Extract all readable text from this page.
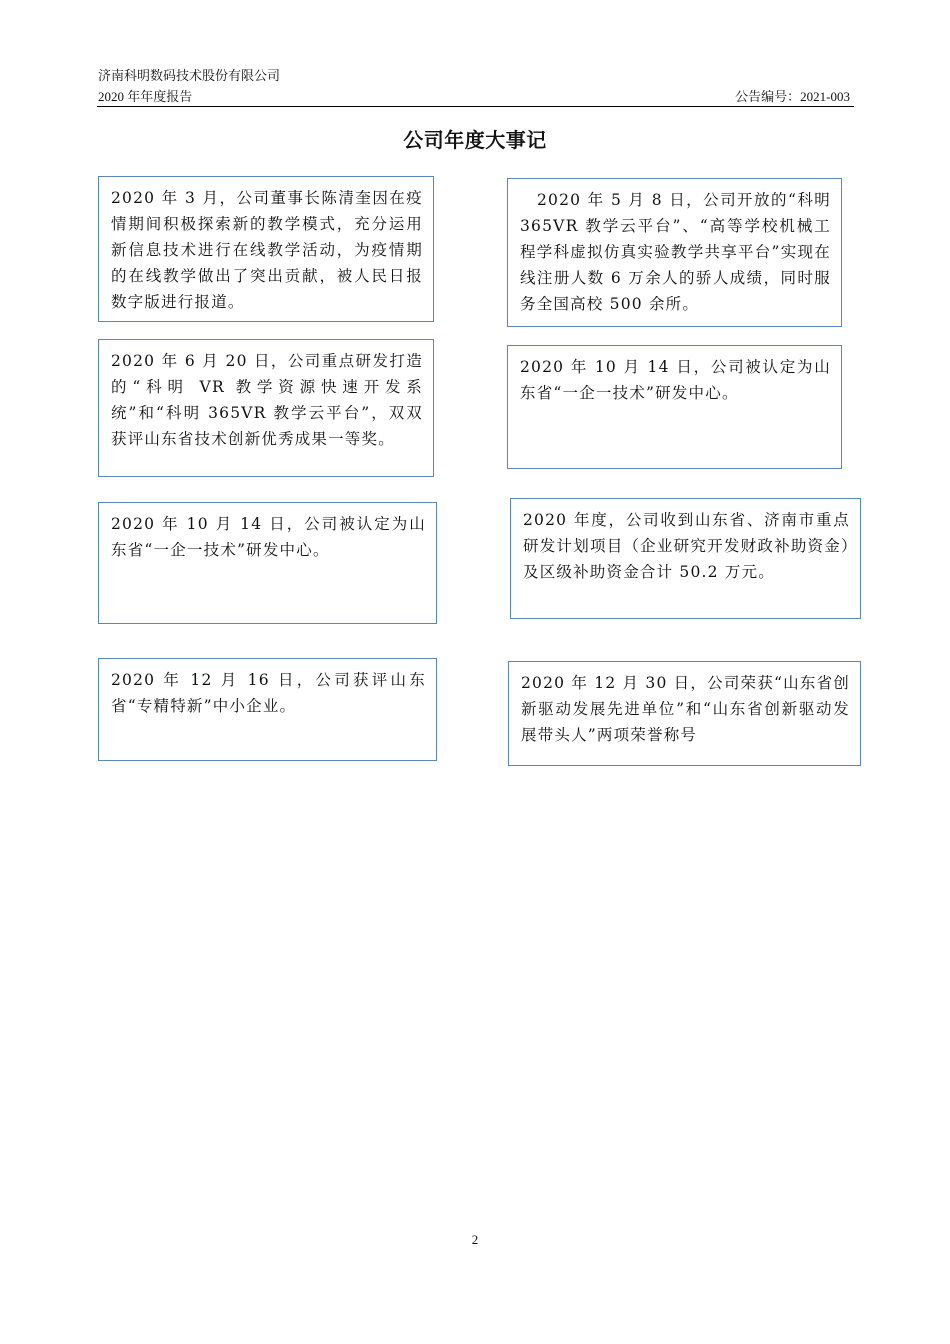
济南科明数码技术股份有限公司
2020 年年度报告	公告编号：2021-003
公司年度大事记
2020 年 3 月，公司董事长陈清奎因在疫情期间积极探索新的教学模式，充分运用新信息技术进行在线教学活动，为疫情期的在线教学做出了突出贡献，被人民日报数字版进行报道。
　2020 年 5 月 8 日，公司开放的“科明 365VR 教学云平台”、“高等学校机械工程学科虚拟仿真实验教学共享平台”实现在线注册人数 6 万余人的骄人成绩，同时服务全国高校 500 余所。
2020 年 6 月 20 日，公司重点研发打造的“科明 VR 教学资源快速开发系统”和“科明 365VR 教学云平台”，双双获评山东省技术创新优秀成果一等奖。
2020 年 10 月 14 日，公司被认定为山东省“一企一技术”研发中心。
2020 年 10 月 14 日，公司被认定为山东省“一企一技术”研发中心。
2020 年度，公司收到山东省、济南市重点研发计划项目（企业研究开发财政补助资金）及区级补助资金合计 50.2 万元。
2020 年 12 月 16 日，公司获评山东省“专精特新”中小企业。
2020 年 12 月 30 日，公司荣获“山东省创新驱动发展先进单位”和“山东省创新驱动发展带头人”两项荣誉称号
2
